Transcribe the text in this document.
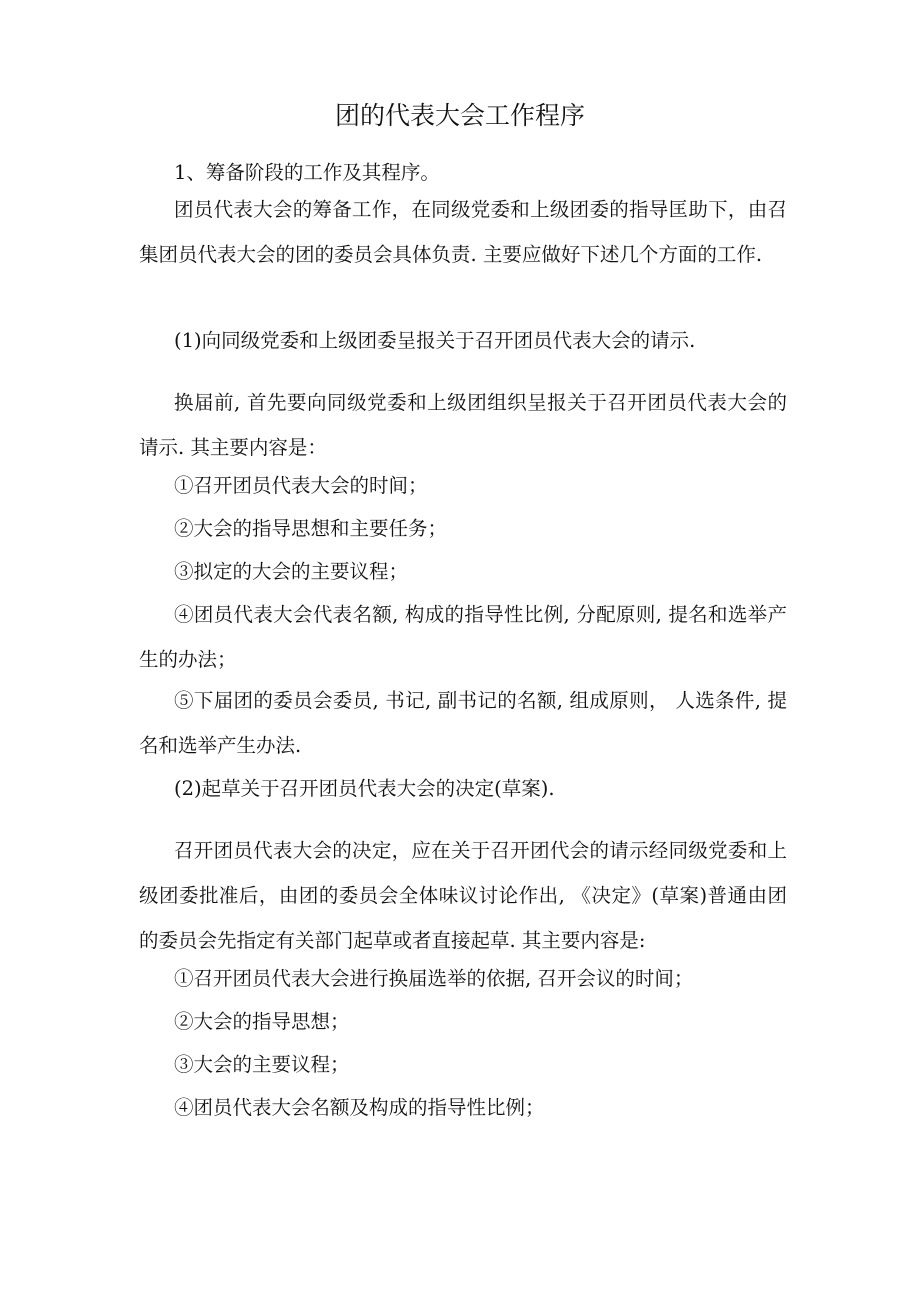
团的代表大会工作程序

1、筹备阶段的工作及其程序。

团员代表大会的筹备工作，在同级党委和上级团委的指导匡助下，由召集团员代表大会的团的委员会具体负责. 主要应做好下述几个方面的工作.

(1)向同级党委和上级团委呈报关于召开团员代表大会的请示.

换届前, 首先要向同级党委和上级团组织呈报关于召开团员代表大会的请示. 其主要内容是：

①召开团员代表大会的时间；

②大会的指导思想和主要任务；

③拟定的大会的主要议程；

④团员代表大会代表名额, 构成的指导性比例, 分配原则, 提名和选举产生的办法；

⑤下届团的委员会委员, 书记, 副书记的名额, 组成原则， 人选条件, 提名和选举产生办法.

(2)起草关于召开团员代表大会的决定(草案).

召开团员代表大会的决定，应在关于召开团代会的请示经同级党委和上级团委批准后，由团的委员会全体味议讨论作出, 《决定》(草案)普通由团的委员会先指定有关部门起草或者直接起草. 其主要内容是:

①召开团员代表大会进行换届选举的依据, 召开会议的时间；

②大会的指导思想；

③大会的主要议程；

④团员代表大会名额及构成的指导性比例；
